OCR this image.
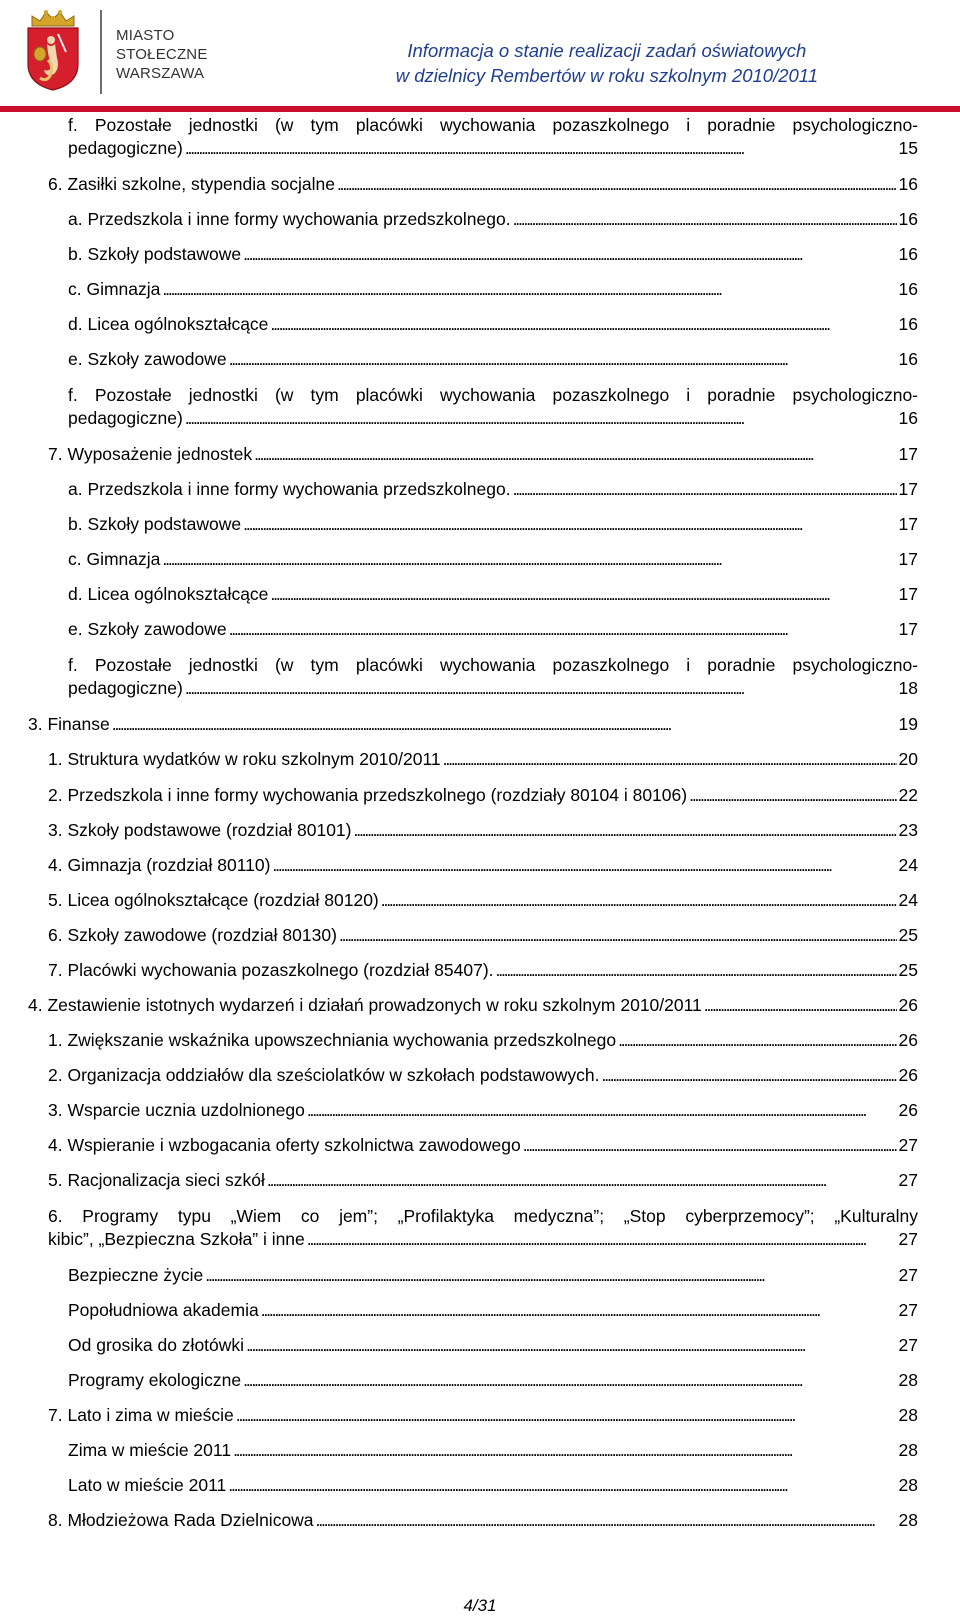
MIASTO
STOŁECZNE
WARSZAWA
Informacja o stanie realizacji zadań oświatowych
w dzielnicy Rembertów w roku szkolnym 2010/2011
f. Pozostałe jednostki (w tym placówki wychowania pozaszkolnego i poradnie psychologiczno-
pedagogiczne) . . .	15
6. Zasiłki szkolne, stypendia socjalne . . .	16
a. Przedszkola i inne formy wychowania przedszkolnego. . . .	16
b. Szkoły podstawowe . . .	16
c. Gimnazja . . .	16
d. Licea ogólnokształcące . . .	16
e. Szkoły zawodowe . . .	16
f. Pozostałe jednostki (w tym placówki wychowania pozaszkolnego i poradnie psychologiczno-
pedagogiczne) . . .	16
7. Wyposażenie jednostek . . .	17
a. Przedszkola i inne formy wychowania przedszkolnego. . . .	17
b. Szkoły podstawowe . . .	17
c. Gimnazja . . .	17
d. Licea ogólnokształcące . . .	17
e. Szkoły zawodowe . . .	17
f. Pozostałe jednostki (w tym placówki wychowania pozaszkolnego i poradnie psychologiczno-
pedagogiczne) . . .	18
3. Finanse . . .	19
1. Struktura wydatków w roku szkolnym 2010/2011 . . .	20
2. Przedszkola i inne formy wychowania przedszkolnego (rozdziały 80104 i 80106) . . .	22
3. Szkoły podstawowe (rozdział 80101) . . .	23
4. Gimnazja (rozdział 80110) . . .	24
5. Licea ogólnokształcące (rozdział 80120) . . .	24
6. Szkoły zawodowe (rozdział 80130) . . .	25
7. Placówki wychowania pozaszkolnego (rozdział 85407). . . .	25
4. Zestawienie istotnych wydarzeń i działań prowadzonych w roku szkolnym 2010/2011 . . .	26
1. Zwiększanie wskaźnika upowszechniania wychowania przedszkolnego . . .	26
2. Organizacja oddziałów dla sześciolatków w szkołach podstawowych. . . .	26
3. Wsparcie ucznia uzdolnionego . . .	26
4. Wspieranie i wzbogacania oferty szkolnictwa zawodowego . . .	27
5. Racjonalizacja sieci szkół . . .	27
6. Programy typu „Wiem co jem”; „Profilaktyka medyczna”; „Stop cyberprzemocy”; „Kulturalny
kibic”, „Bezpieczna Szkoła” i inne . . .	27
Bezpieczne życie . . .	27
Popołudniowa akademia . . .	27
Od grosika do złotówki . . .	27
Programy ekologiczne . . .	28
7. Lato i zima w mieście . . .	28
Zima w mieście 2011 . . .	28
Lato w mieście 2011 . . .	28
8. Młodzieżowa Rada Dzielnicowa . . .	28
4/31
